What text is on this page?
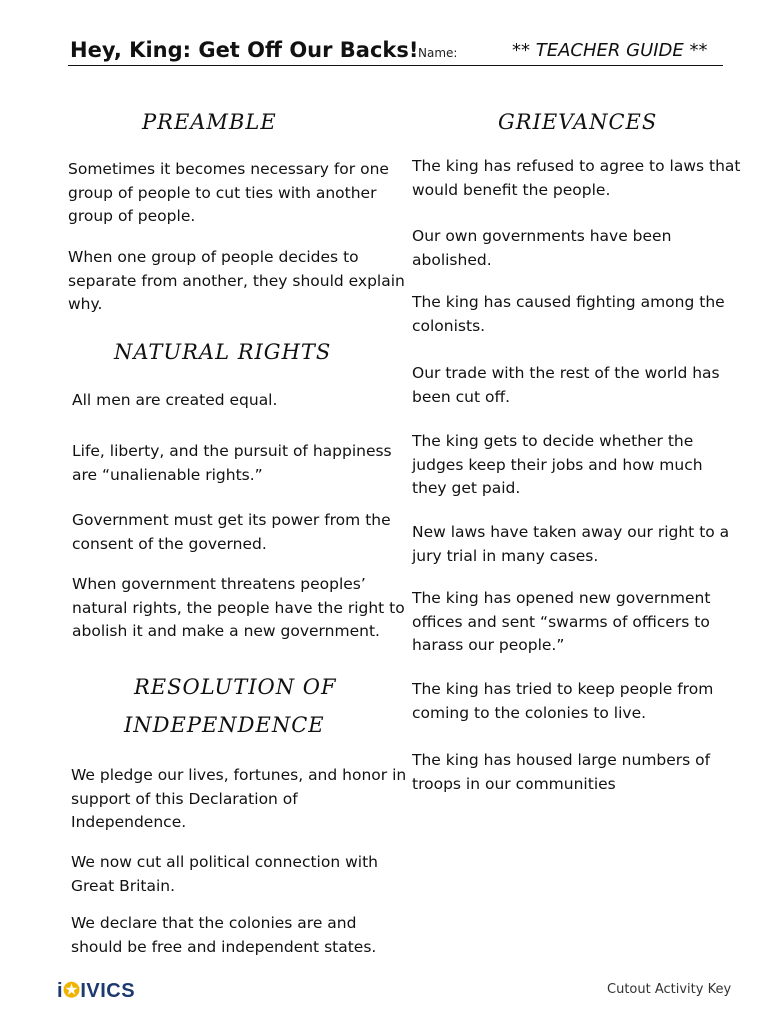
Hey, King: Get Off Our Backs! Name:	** TEACHER GUIDE **
PREAMBLE
Sometimes it becomes necessary for one group of people to cut ties with another group of people.
When one group of people decides to separate from another, they should explain why.
NATURAL RIGHTS
All men are created equal.
Life, liberty, and the pursuit of happiness are “unalienable rights.”
Government must get its power from the consent of the governed.
When government threatens peoples’ natural rights, the people have the right to abolish it and make a new government.
RESOLUTION OF
INDEPENDENCE
We pledge our lives, fortunes, and honor in support of this Declaration of Independence.
We now cut all political connection with Great Britain.
We declare that the colonies are and should be free and independent states.
GRIEVANCES
The king has refused to agree to laws that would benefit the people.
Our own governments have been abolished.
The king has caused fighting among the colonists.
Our trade with the rest of the world has been cut off.
The king gets to decide whether the judges keep their jobs and how much they get paid.
New laws have taken away our right to a jury trial in many cases.
The king has opened new government offices and sent “swarms of officers to harass our people.”
The king has tried to keep people from coming to the colonies to live.
The king has housed large numbers of troops in our communities
i✪IVICS	Cutout Activity Key
